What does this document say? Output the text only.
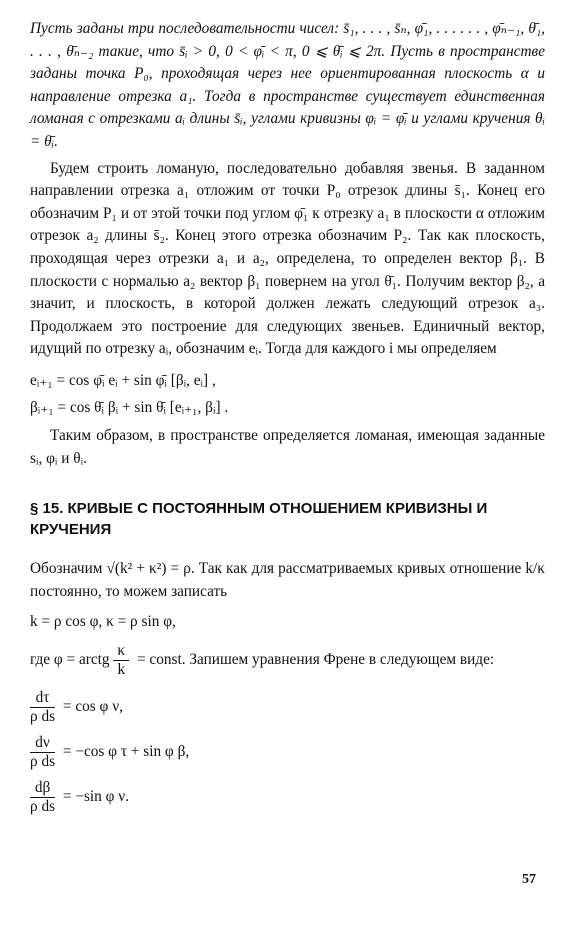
Пусть заданы три последовательности чисел: s̄₁, . . . , s̄ₙ, φ̄₁, . . . . . . , φ̄ₙ₋₁, θ̄₁, . . . , θ̄ₙ₋₂ такие, что s̄ᵢ > 0, 0 < φ̄ᵢ < π, 0 ⩽ θ̄ᵢ ⩽ 2π. Пусть в пространстве заданы точка P₀, проходящая через нее ориентированная плоскость α и направление отрезка a₁. Тогда в пространстве существует единственная ломаная с отрезками aᵢ длины s̄ᵢ, углами кривизны φᵢ = φ̄ᵢ и углами кручения θᵢ = θ̄ᵢ.
Будем строить ломаную, последовательно добавляя звенья. В заданном направлении отрезка a₁ отложим от точки P₀ отрезок длины s̄₁. Конец его обозначим P₁ и от этой точки под углом φ̄₁ к отрезку a₁ в плоскости α отложим отрезок a₂ длины s̄₂. Конец этого отрезка обозначим P₂. Так как плоскость, проходящая через отрезки a₁ и a₂, определена, то определен вектор β₁. В плоскости с нормалью a₂ вектор β₁ повернем на угол θ̄₁. Получим вектор β₂, а значит, и плоскость, в которой должен лежать следующий отрезок a₃. Продолжаем это построение для следующих звеньев. Единичный вектор, идущий по отрезку aᵢ, обозначим eᵢ. Тогда для каждого i мы определяем
eᵢ₊₁ = cos φ̄ᵢ eᵢ + sin φ̄ᵢ [βᵢ, eᵢ] ,
βᵢ₊₁ = cos θ̄ᵢ βᵢ + sin θ̄ᵢ [eᵢ₊₁, βᵢ] .
Таким образом, в пространстве определяется ломаная, имеющая заданные sᵢ, φᵢ и θᵢ.
§ 15. КРИВЫЕ С ПОСТОЯННЫМ ОТНОШЕНИЕМ КРИВИЗНЫ И КРУЧЕНИЯ
Обозначим √(k² + κ²) = ρ. Так как для рассматриваемых кривых отношение k/κ постоянно, то можем записать
k = ρ cos φ, κ = ρ sin φ,
где φ = arctg $\frac{\kappa}{k}$ = const. Запишем уравнения Френе в следующем виде:
$\frac{d\tau}{\text{ρ ds}} = \cos \varphi$ ν,
$\frac{d\nu}{\text{ρ ds}} = -\cos$ φ τ + sin φ β,
$\frac{d\beta}{\text{ρ ds}} = -\sin$ φ ν.
57
